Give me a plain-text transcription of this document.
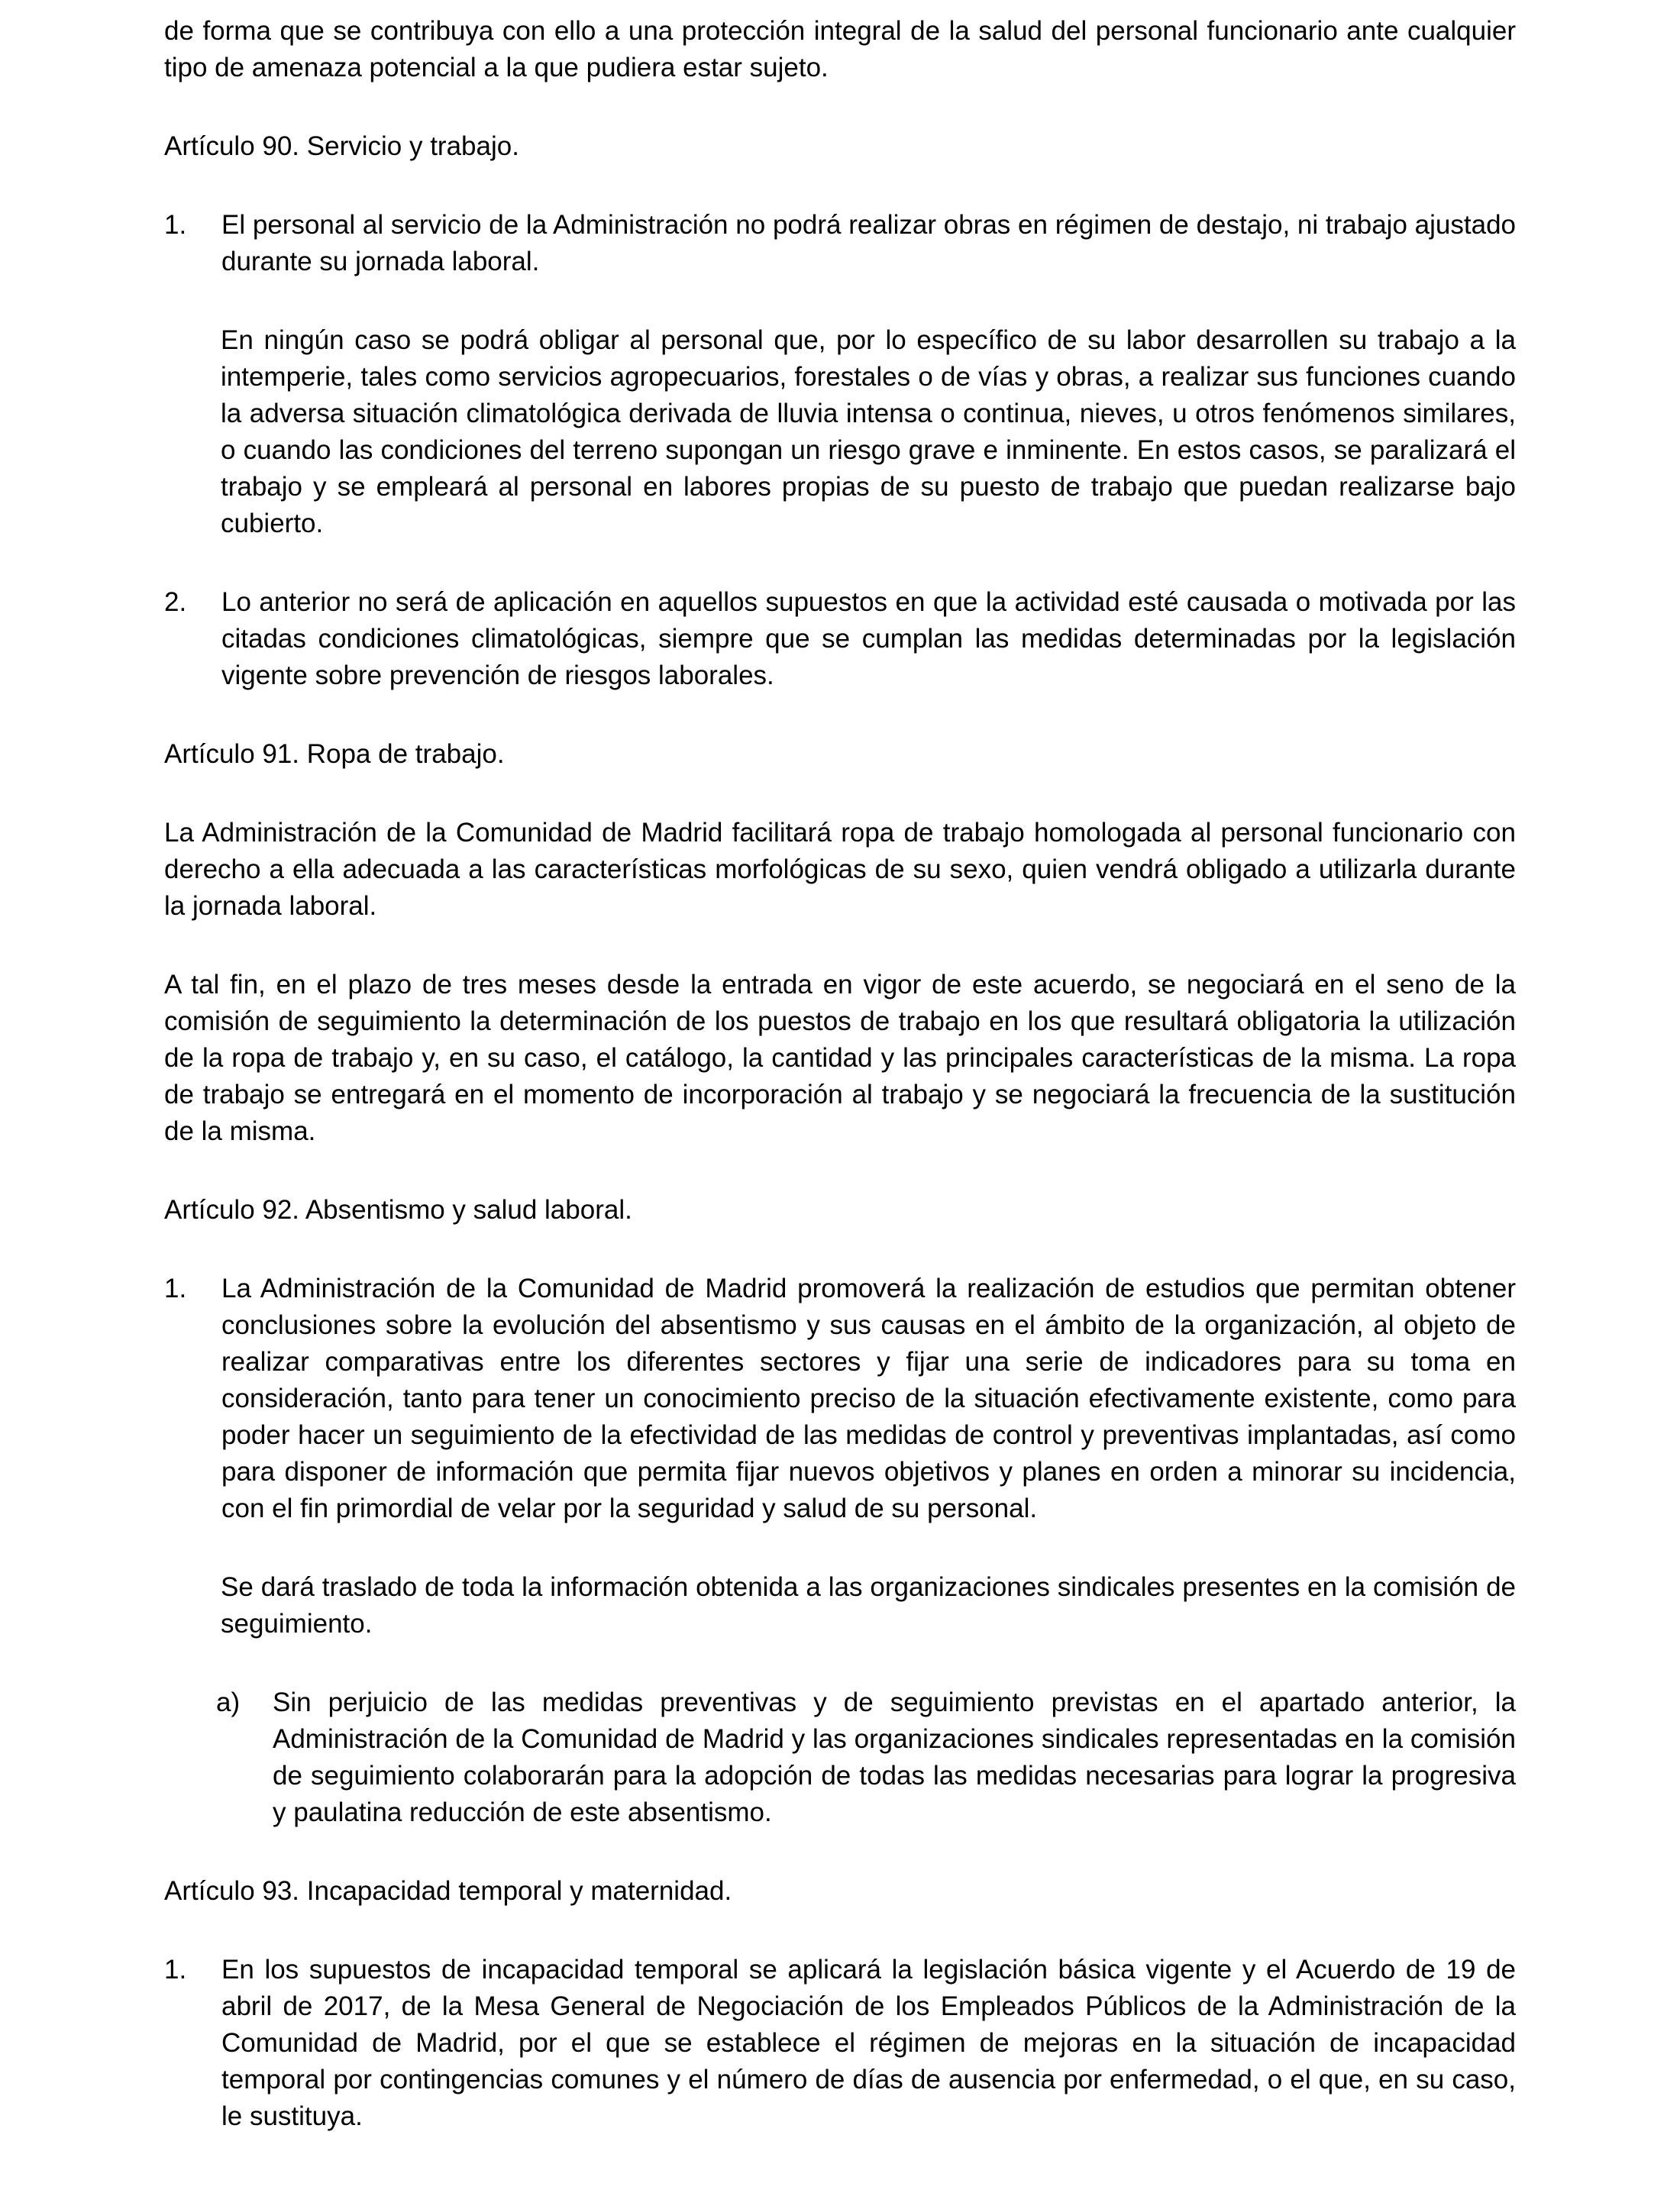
de forma que se contribuya con ello a una protección integral de la salud del personal funcionario ante cualquier tipo de amenaza potencial a la que pudiera estar sujeto.

Artículo 90. Servicio y trabajo.

1.	El personal al servicio de la Administración no podrá realizar obras en régimen de destajo, ni trabajo ajustado durante su jornada laboral.

En ningún caso se podrá obligar al personal que, por lo específico de su labor desarrollen su trabajo a la intemperie, tales como servicios agropecuarios, forestales o de vías y obras, a realizar sus funciones cuando la adversa situación climatológica derivada de lluvia intensa o continua, nieves, u otros fenómenos similares, o cuando las condiciones del terreno supongan un riesgo grave e inminente. En estos casos, se paralizará el trabajo y se empleará al personal en labores propias de su puesto de trabajo que puedan realizarse bajo cubierto.

2.	Lo anterior no será de aplicación en aquellos supuestos en que la actividad esté causada o motivada por las citadas condiciones climatológicas, siempre que se cumplan las medidas determinadas por la legislación vigente sobre prevención de riesgos laborales.

Artículo 91. Ropa de trabajo.

La Administración de la Comunidad de Madrid facilitará ropa de trabajo homologada al personal funcionario con derecho a ella adecuada a las características morfológicas de su sexo, quien vendrá obligado a utilizarla durante la jornada laboral.

A tal fin, en el plazo de tres meses desde la entrada en vigor de este acuerdo, se negociará en el seno de la comisión de seguimiento la determinación de los puestos de trabajo en los que resultará obligatoria la utilización de la ropa de trabajo y, en su caso, el catálogo, la cantidad y las principales características de la misma. La ropa de trabajo se entregará en el momento de incorporación al trabajo y se negociará la frecuencia de la sustitución de la misma.

Artículo 92. Absentismo y salud laboral.

1.	La Administración de la Comunidad de Madrid promoverá la realización de estudios que permitan obtener conclusiones sobre la evolución del absentismo y sus causas en el ámbito de la organización, al objeto de realizar comparativas entre los diferentes sectores y fijar una serie de indicadores para su toma en consideración, tanto para tener un conocimiento preciso de la situación efectivamente existente, como para poder hacer un seguimiento de la efectividad de las medidas de control y preventivas implantadas, así como para disponer de información que permita fijar nuevos objetivos y planes en orden a minorar su incidencia, con el fin primordial de velar por la seguridad y salud de su personal.

Se dará traslado de toda la información obtenida a las organizaciones sindicales presentes en la comisión de seguimiento.

a)	Sin perjuicio de las medidas preventivas y de seguimiento previstas en el apartado anterior, la Administración de la Comunidad de Madrid y las organizaciones sindicales representadas en la comisión de seguimiento colaborarán para la adopción de todas las medidas necesarias para lograr la progresiva y paulatina reducción de este absentismo.

Artículo 93. Incapacidad temporal y maternidad.

1.	En los supuestos de incapacidad temporal se aplicará la legislación básica vigente y el Acuerdo de 19 de abril de 2017, de la Mesa General de Negociación de los Empleados Públicos de la Administración de la Comunidad de Madrid, por el que se establece el régimen de mejoras en la situación de incapacidad temporal por contingencias comunes y el número de días de ausencia por enfermedad, o el que, en su caso, le sustituya.
